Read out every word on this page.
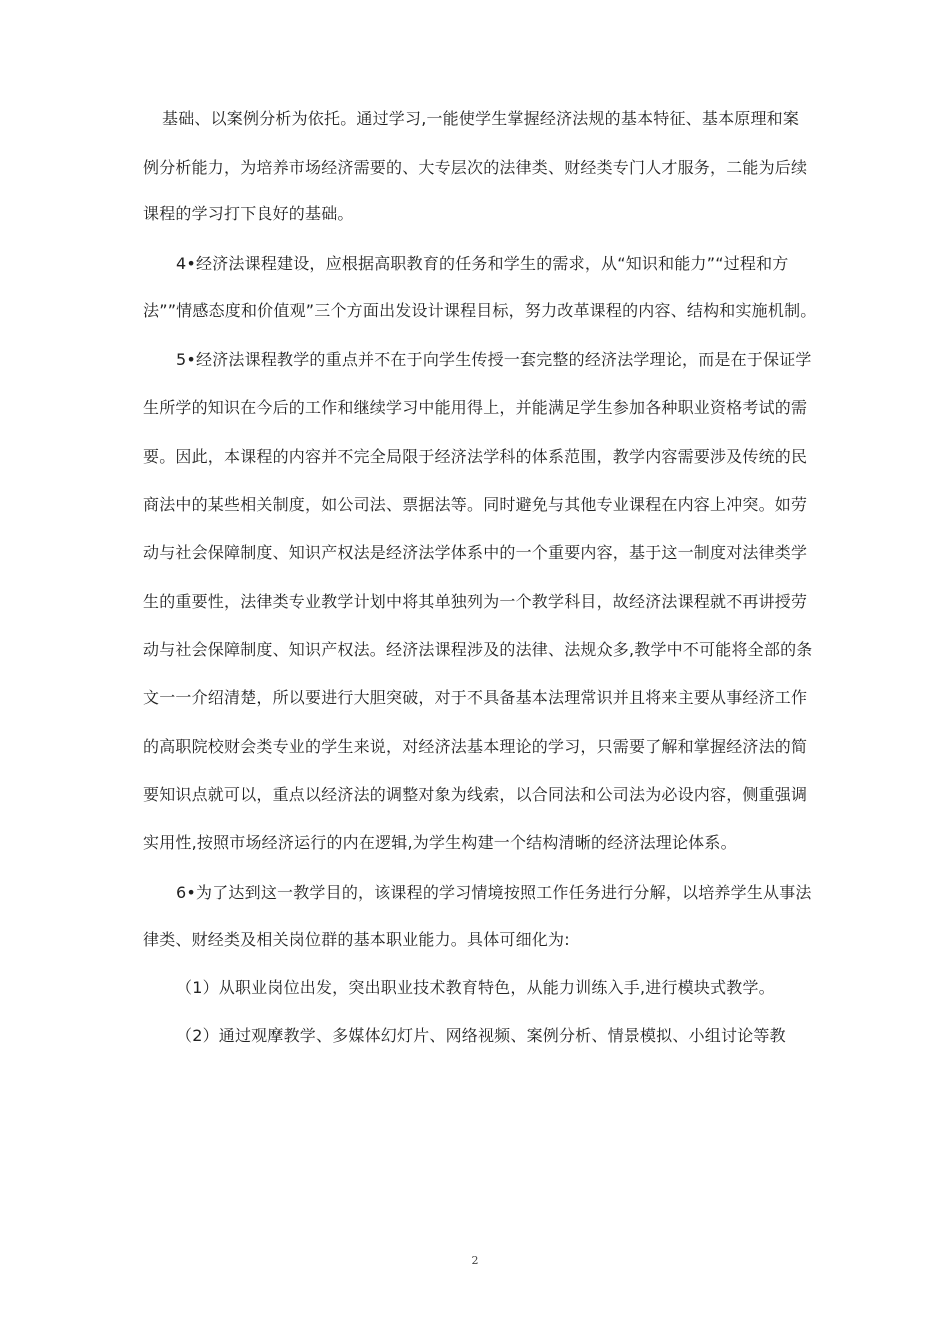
基础、以案例分析为依托。通过学习,一能使学生掌握经济法规的基本特征、基本原理和案
例分析能力，为培养市场经济需要的、大专层次的法律类、财经类专门人才服务，二能为后续
课程的学习打下良好的基础。
4•经济法课程建设，应根据高职教育的任务和学生的需求，从“知识和能力”“过程和方
法””情感态度和价值观”三个方面出发设计课程目标，努力改革课程的内容、结构和实施机制。
5•经济法课程教学的重点并不在于向学生传授一套完整的经济法学理论，而是在于保证学
生所学的知识在今后的工作和继续学习中能用得上，并能满足学生参加各种职业资格考试的需
要。因此，本课程的内容并不完全局限于经济法学科的体系范围，教学内容需要涉及传统的民
商法中的某些相关制度，如公司法、票据法等。同时避免与其他专业课程在内容上冲突。如劳
动与社会保障制度、知识产权法是经济法学体系中的一个重要内容，基于这一制度对法律类学
生的重要性，法律类专业教学计划中将其单独列为一个教学科目，故经济法课程就不再讲授劳
动与社会保障制度、知识产权法。经济法课程涉及的法律、法规众多,教学中不可能将全部的条
文一一介绍清楚，所以要进行大胆突破，对于不具备基本法理常识并且将来主要从事经济工作
的高职院校财会类专业的学生来说，对经济法基本理论的学习，只需要了解和掌握经济法的简
要知识点就可以，重点以经济法的调整对象为线索，以合同法和公司法为必设内容，侧重强调
实用性,按照市场经济运行的内在逻辑,为学生构建一个结构清晰的经济法理论体系。
6•为了达到这一教学目的，该课程的学习情境按照工作任务进行分解，以培养学生从事法
律类、财经类及相关岗位群的基本职业能力。具体可细化为:
（1）从职业岗位出发，突出职业技术教育特色，从能力训练入手,进行模块式教学。
（2）通过观摩教学、多媒体幻灯片、网络视频、案例分析、情景模拟、小组讨论等教
2
